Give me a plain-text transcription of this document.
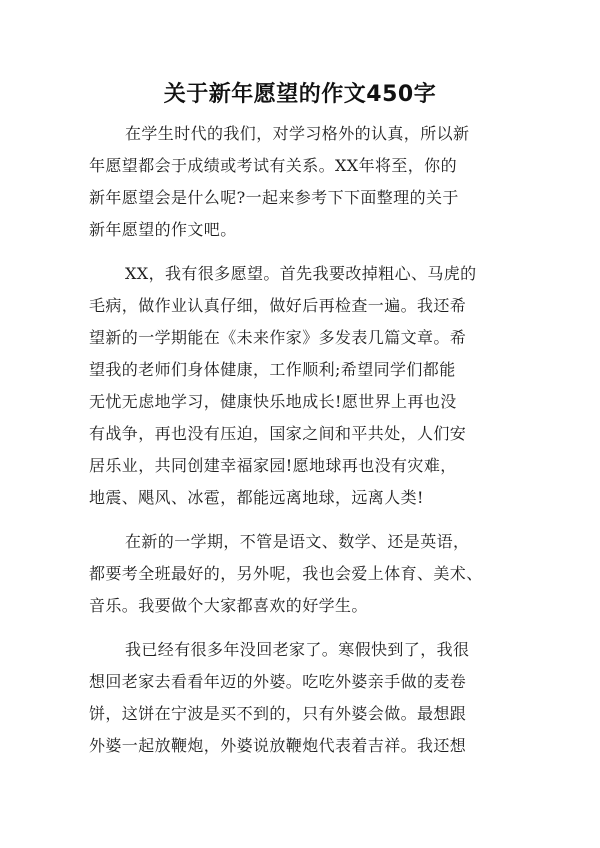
关于新年愿望的作文450字

在学生时代的我们，对学习格外的认真，所以新
年愿望都会于成绩或考试有关系。XX年将至，你的
新年愿望会是什么呢?一起来参考下下面整理的关于
新年愿望的作文吧。

XX，我有很多愿望。首先我要改掉粗心、马虎的
毛病，做作业认真仔细，做好后再检查一遍。我还希
望新的一学期能在《未来作家》多发表几篇文章。希
望我的老师们身体健康，工作顺利;希望同学们都能
无忧无虑地学习，健康快乐地成长!愿世界上再也没
有战争，再也没有压迫，国家之间和平共处，人们安
居乐业，共同创建幸福家园!愿地球再也没有灾难，
地震、飓风、冰雹，都能远离地球，远离人类!

在新的一学期，不管是语文、数学、还是英语，
都要考全班最好的，另外呢，我也会爱上体育、美术、
音乐。我要做个大家都喜欢的好学生。

我已经有很多年没回老家了。寒假快到了，我很
想回老家去看看年迈的外婆。吃吃外婆亲手做的麦卷
饼，这饼在宁波是买不到的，只有外婆会做。最想跟
外婆一起放鞭炮，外婆说放鞭炮代表着吉祥。我还想
